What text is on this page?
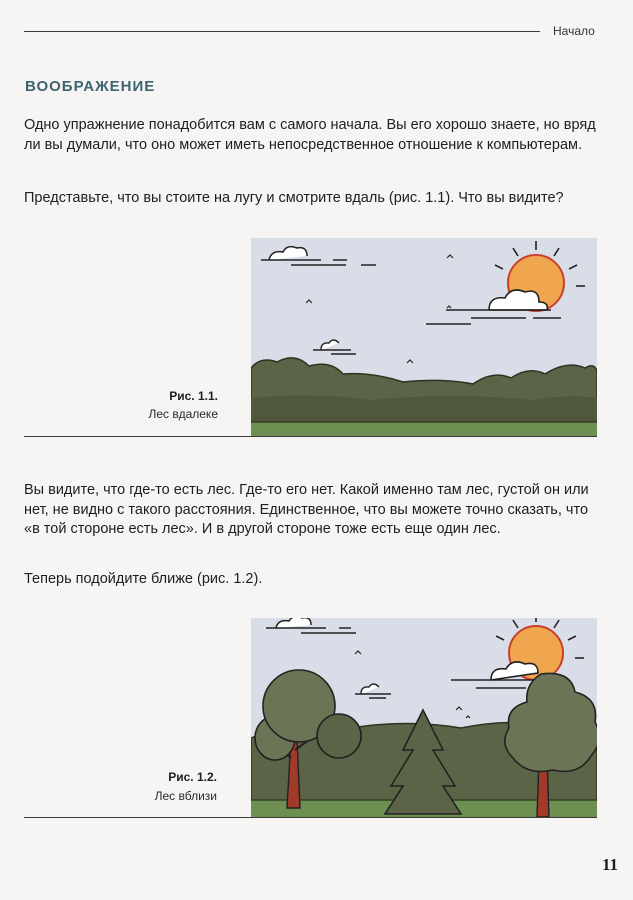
Начало
ВООБРАЖЕНИЕ

Одно упражнение понадобится вам с самого начала. Вы его хорошо знаете, но вряд ли вы думали, что оно может иметь непосредственное отношение к компьютерам.

Представьте, что вы стоите на лугу и смотрите вдаль (рис. 1.1). Что вы видите?

Рис. 1.1.
Лес вдалеке

Вы видите, что где-то есть лес. Где-то его нет. Какой именно там лес, густой он или нет, не видно с такого расстояния. Единственное, что вы можете точно сказать, что «в той стороне есть лес». И в другой стороне тоже есть еще один лес.

Теперь подойдите ближе (рис. 1.2).

Рис. 1.2.
Лес вблизи
11
